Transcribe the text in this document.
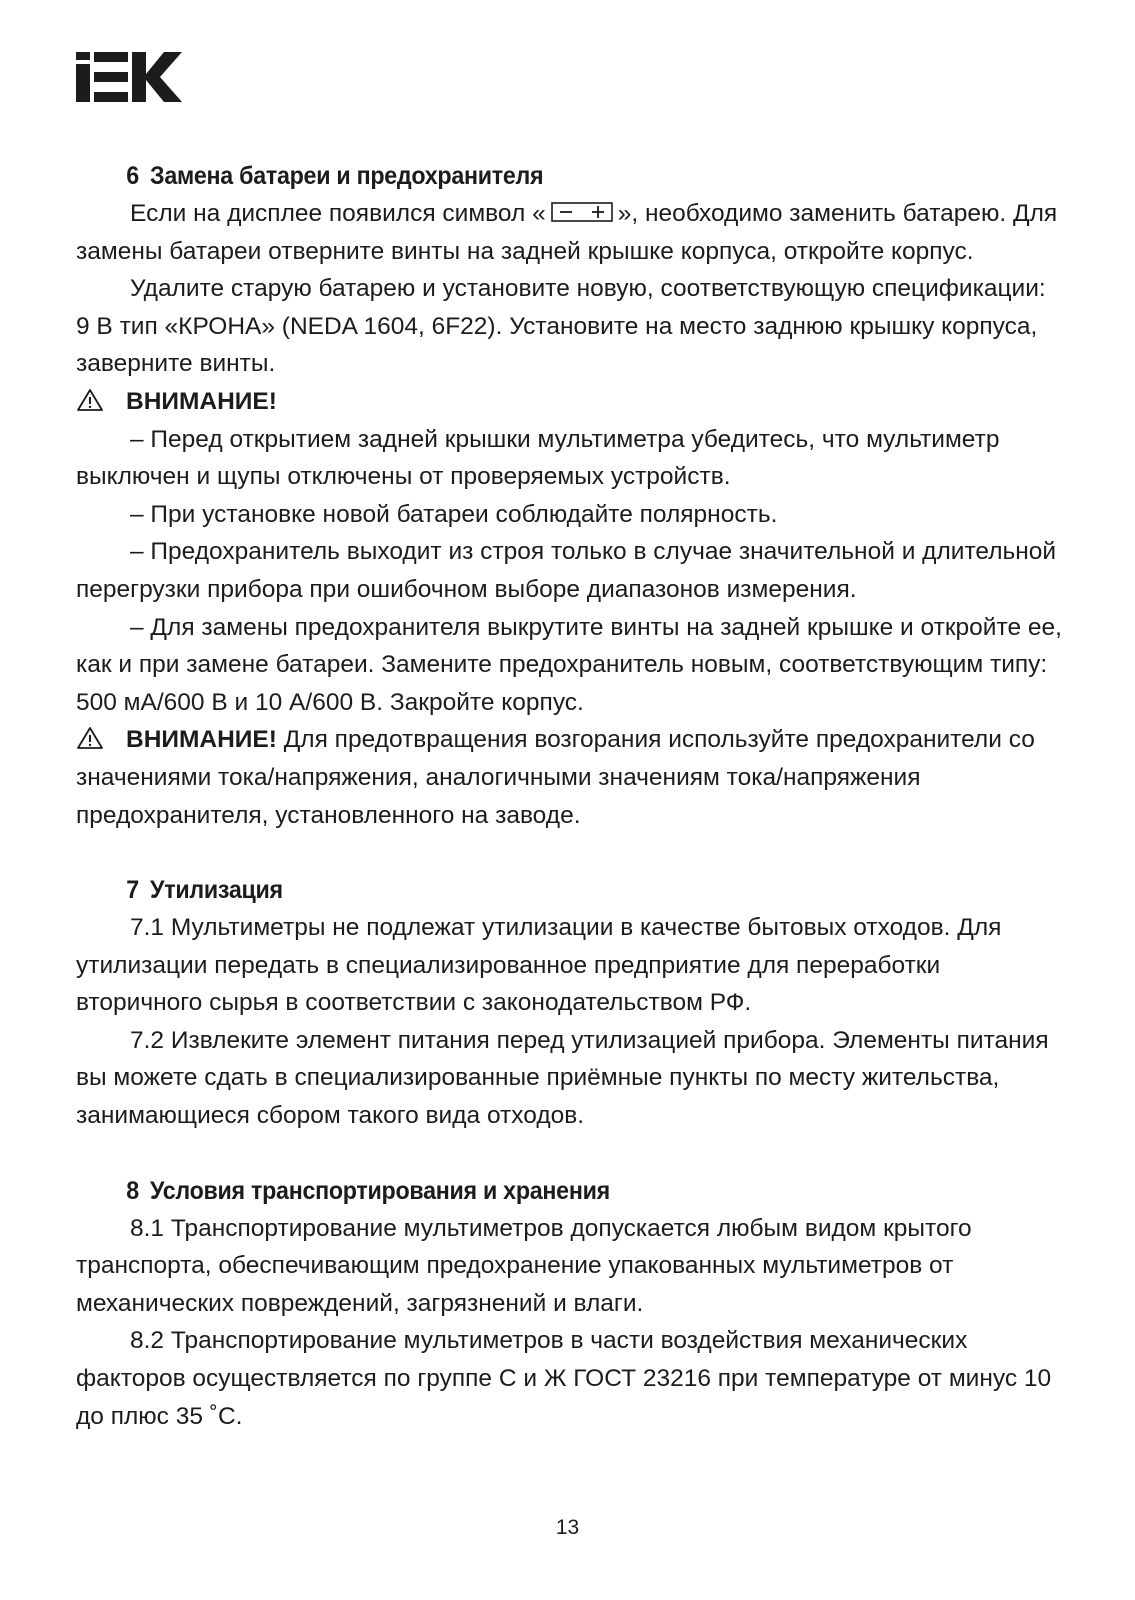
6 Замена батареи и предохранителя

Если на дисплее появился символ «	», необходимо заменить батарею. Для замены батареи отверните винты на задней крышке корпуса, откройте корпус.

Удалите старую батарею и установите новую, соответствующую спецификации: 9 В тип «КРОНА» (NEDA 1604, 6F22). Установите на место заднюю крышку корпуса, заверните винты.

ВНИМАНИЕ!

– Перед открытием задней крышки мультиметра убедитесь, что мультиметр выключен и щупы отключены от проверяемых устройств.

– При установке новой батареи соблюдайте полярность.

– Предохранитель выходит из строя только в случае значительной и длительной перегрузки прибора при ошибочном выборе диапазонов измерения.

– Для замены предохранителя выкрутите винты на задней крышке и откройте ее, как и при замене батареи. Замените предохранитель новым, соответствующим типу: 500 мА/600 В и 10 А/600 В. Закройте корпус.

ВНИМАНИЕ! Для предотвращения возгорания используйте предохранители со значениями тока/напряжения, аналогичными значениям тока/напряжения предохранителя, установленного на заводе.

7 Утилизация

7.1 Мультиметры не подлежат утилизации в качестве бытовых отходов. Для утилизации передать в специализированное предприятие для переработки вторичного сырья в соответствии с законодательством РФ.

7.2 Извлеките элемент питания перед утилизацией прибора. Элементы питания вы можете сдать в специализированные приёмные пункты по месту жительства, занимающиеся сбором такого вида отходов.

8 Условия транспортирования и хранения

8.1 Транспортирование мультиметров допускается любым видом крытого транспорта, обеспечивающим предохранение упакованных мультиметров от механических повреждений, загрязнений и влаги.

8.2 Транспортирование мультиметров в части воздействия механических факторов осуществляется по группе С и Ж ГОСТ 23216 при температуре от минус 10 до плюс 35 ˚С.

13
